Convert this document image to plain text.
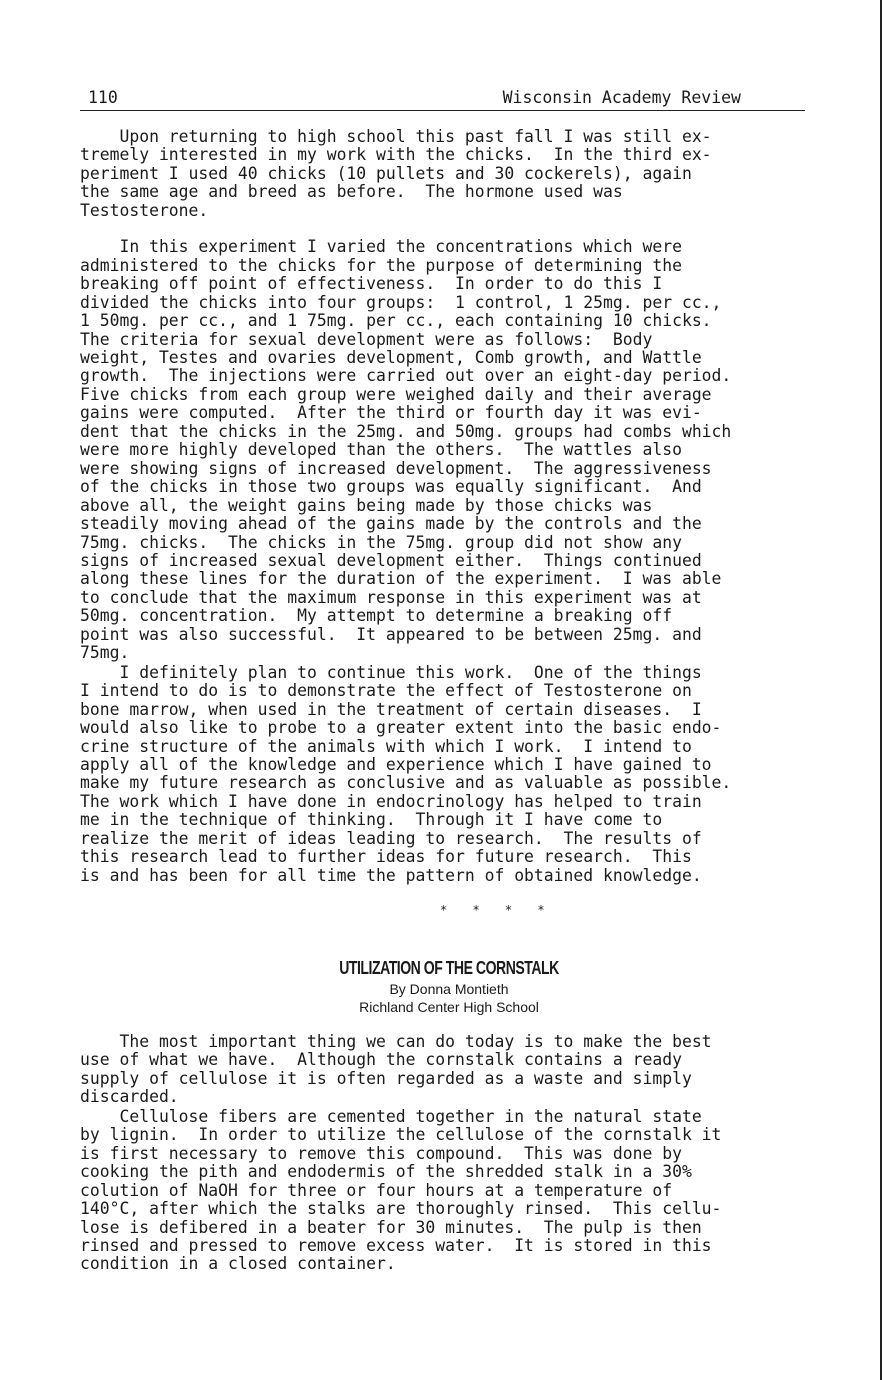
110	Wisconsin Academy Review

Upon returning to high school this past fall I was still ex-
tremely interested in my work with the chicks.  In the third ex-
periment I used 40 chicks (10 pullets and 30 cockerels), again
the same age and breed as before.  The hormone used was
Testosterone.

In this experiment I varied the concentrations which were
administered to the chicks for the purpose of determining the
breaking off point of effectiveness.  In order to do this I
divided the chicks into four groups:  1 control, 1 25mg. per cc.,
1 50mg. per cc., and 1 75mg. per cc., each containing 10 chicks.
The criteria for sexual development were as follows:  Body
weight, Testes and ovaries development, Comb growth, and Wattle
growth.  The injections were carried out over an eight-day period.
Five chicks from each group were weighed daily and their average
gains were computed.  After the third or fourth day it was evi-
dent that the chicks in the 25mg. and 50mg. groups had combs which
were more highly developed than the others.  The wattles also
were showing signs of increased development.  The aggressiveness
of the chicks in those two groups was equally significant.  And
above all, the weight gains being made by those chicks was
steadily moving ahead of the gains made by the controls and the
75mg. chicks.  The chicks in the 75mg. group did not show any
signs of increased sexual development either.  Things continued
along these lines for the duration of the experiment.  I was able
to conclude that the maximum response in this experiment was at
50mg. concentration.  My attempt to determine a breaking off
point was also successful.  It appeared to be between 25mg. and
75mg.

I definitely plan to continue this work.  One of the things
I intend to do is to demonstrate the effect of Testosterone on
bone marrow, when used in the treatment of certain diseases.  I
would also like to probe to a greater extent into the basic endo-
crine structure of the animals with which I work.  I intend to
apply all of the knowledge and experience which I have gained to
make my future research as conclusive and as valuable as possible.
The work which I have done in endocrinology has helped to train
me in the technique of thinking.  Through it I have come to
realize the merit of ideas leading to research.  The results of
this research lead to further ideas for future research.  This
is and has been for all time the pattern of obtained knowledge.

* * * *
UTILIZATION OF THE CORNSTALK
By Donna Montieth
Richland Center High School

The most important thing we can do today is to make the best
use of what we have.  Although the cornstalk contains a ready
supply of cellulose it is often regarded as a waste and simply
discarded.

Cellulose fibers are cemented together in the natural state
by lignin.  In order to utilize the cellulose of the cornstalk it
is first necessary to remove this compound.  This was done by
cooking the pith and endodermis of the shredded stalk in a 30%
colution of NaOH for three or four hours at a temperature of
140°C, after which the stalks are thoroughly rinsed.  This cellu-
lose is defibered in a beater for 30 minutes.  The pulp is then
rinsed and pressed to remove excess water.  It is stored in this
condition in a closed container.
